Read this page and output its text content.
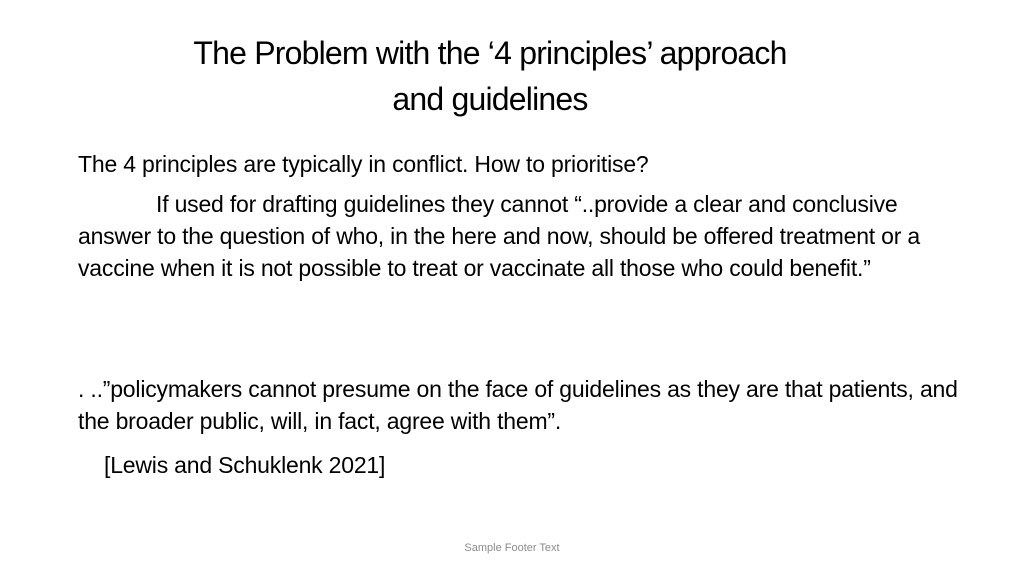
The Problem with the ‘4 principles’ approach
and guidelines

The 4 principles are typically in conflict. How to prioritise?

If used for drafting guidelines they cannot “..provide a clear and conclusive answer to the question of who, in the here and now, should be offered treatment or a vaccine when it is not possible to treat or vaccinate all those who could benefit.”

. ..”policymakers cannot presume on the face of guidelines as they are that patients, and the broader public, will, in fact, agree with them”.

[Lewis and Schuklenk 2021]

Sample Footer Text
